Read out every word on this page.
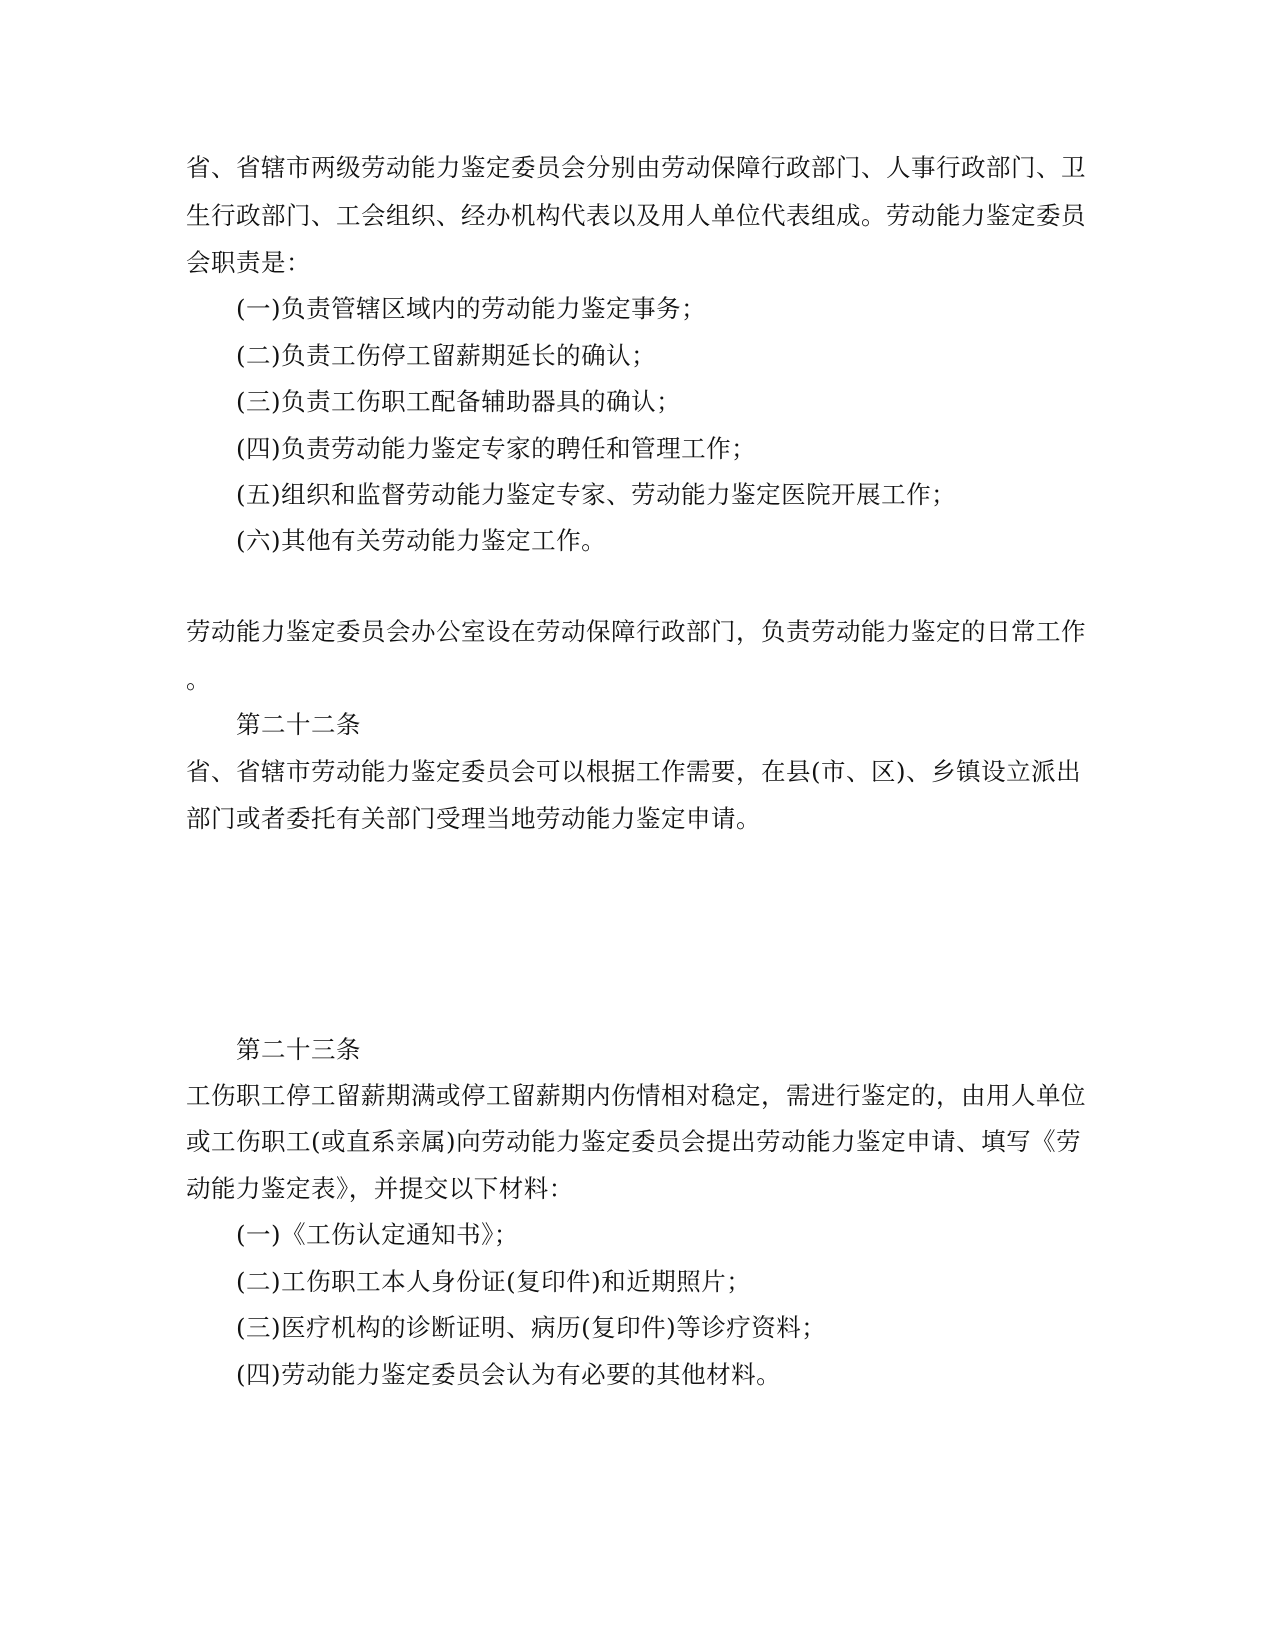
省、省辖市两级劳动能力鉴定委员会分别由劳动保障行政部门、人事行政部门、卫
生行政部门、工会组织、经办机构代表以及用人单位代表组成。劳动能力鉴定委员
会职责是：
(一)负责管辖区域内的劳动能力鉴定事务；
(二)负责工伤停工留薪期延长的确认；
(三)负责工伤职工配备辅助器具的确认；
(四)负责劳动能力鉴定专家的聘任和管理工作；
(五)组织和监督劳动能力鉴定专家、劳动能力鉴定医院开展工作；
(六)其他有关劳动能力鉴定工作。
劳动能力鉴定委员会办公室设在劳动保障行政部门，负责劳动能力鉴定的日常工作
。
第二十二条
省、省辖市劳动能力鉴定委员会可以根据工作需要，在县(市、区)、乡镇设立派出
部门或者委托有关部门受理当地劳动能力鉴定申请。
第二十三条
工伤职工停工留薪期满或停工留薪期内伤情相对稳定，需进行鉴定的，由用人单位
或工伤职工(或直系亲属)向劳动能力鉴定委员会提出劳动能力鉴定申请、填写《劳
动能力鉴定表》，并提交以下材料：
(一)《工伤认定通知书》；
(二)工伤职工本人身份证(复印件)和近期照片；
(三)医疗机构的诊断证明、病历(复印件)等诊疗资料；
(四)劳动能力鉴定委员会认为有必要的其他材料。
